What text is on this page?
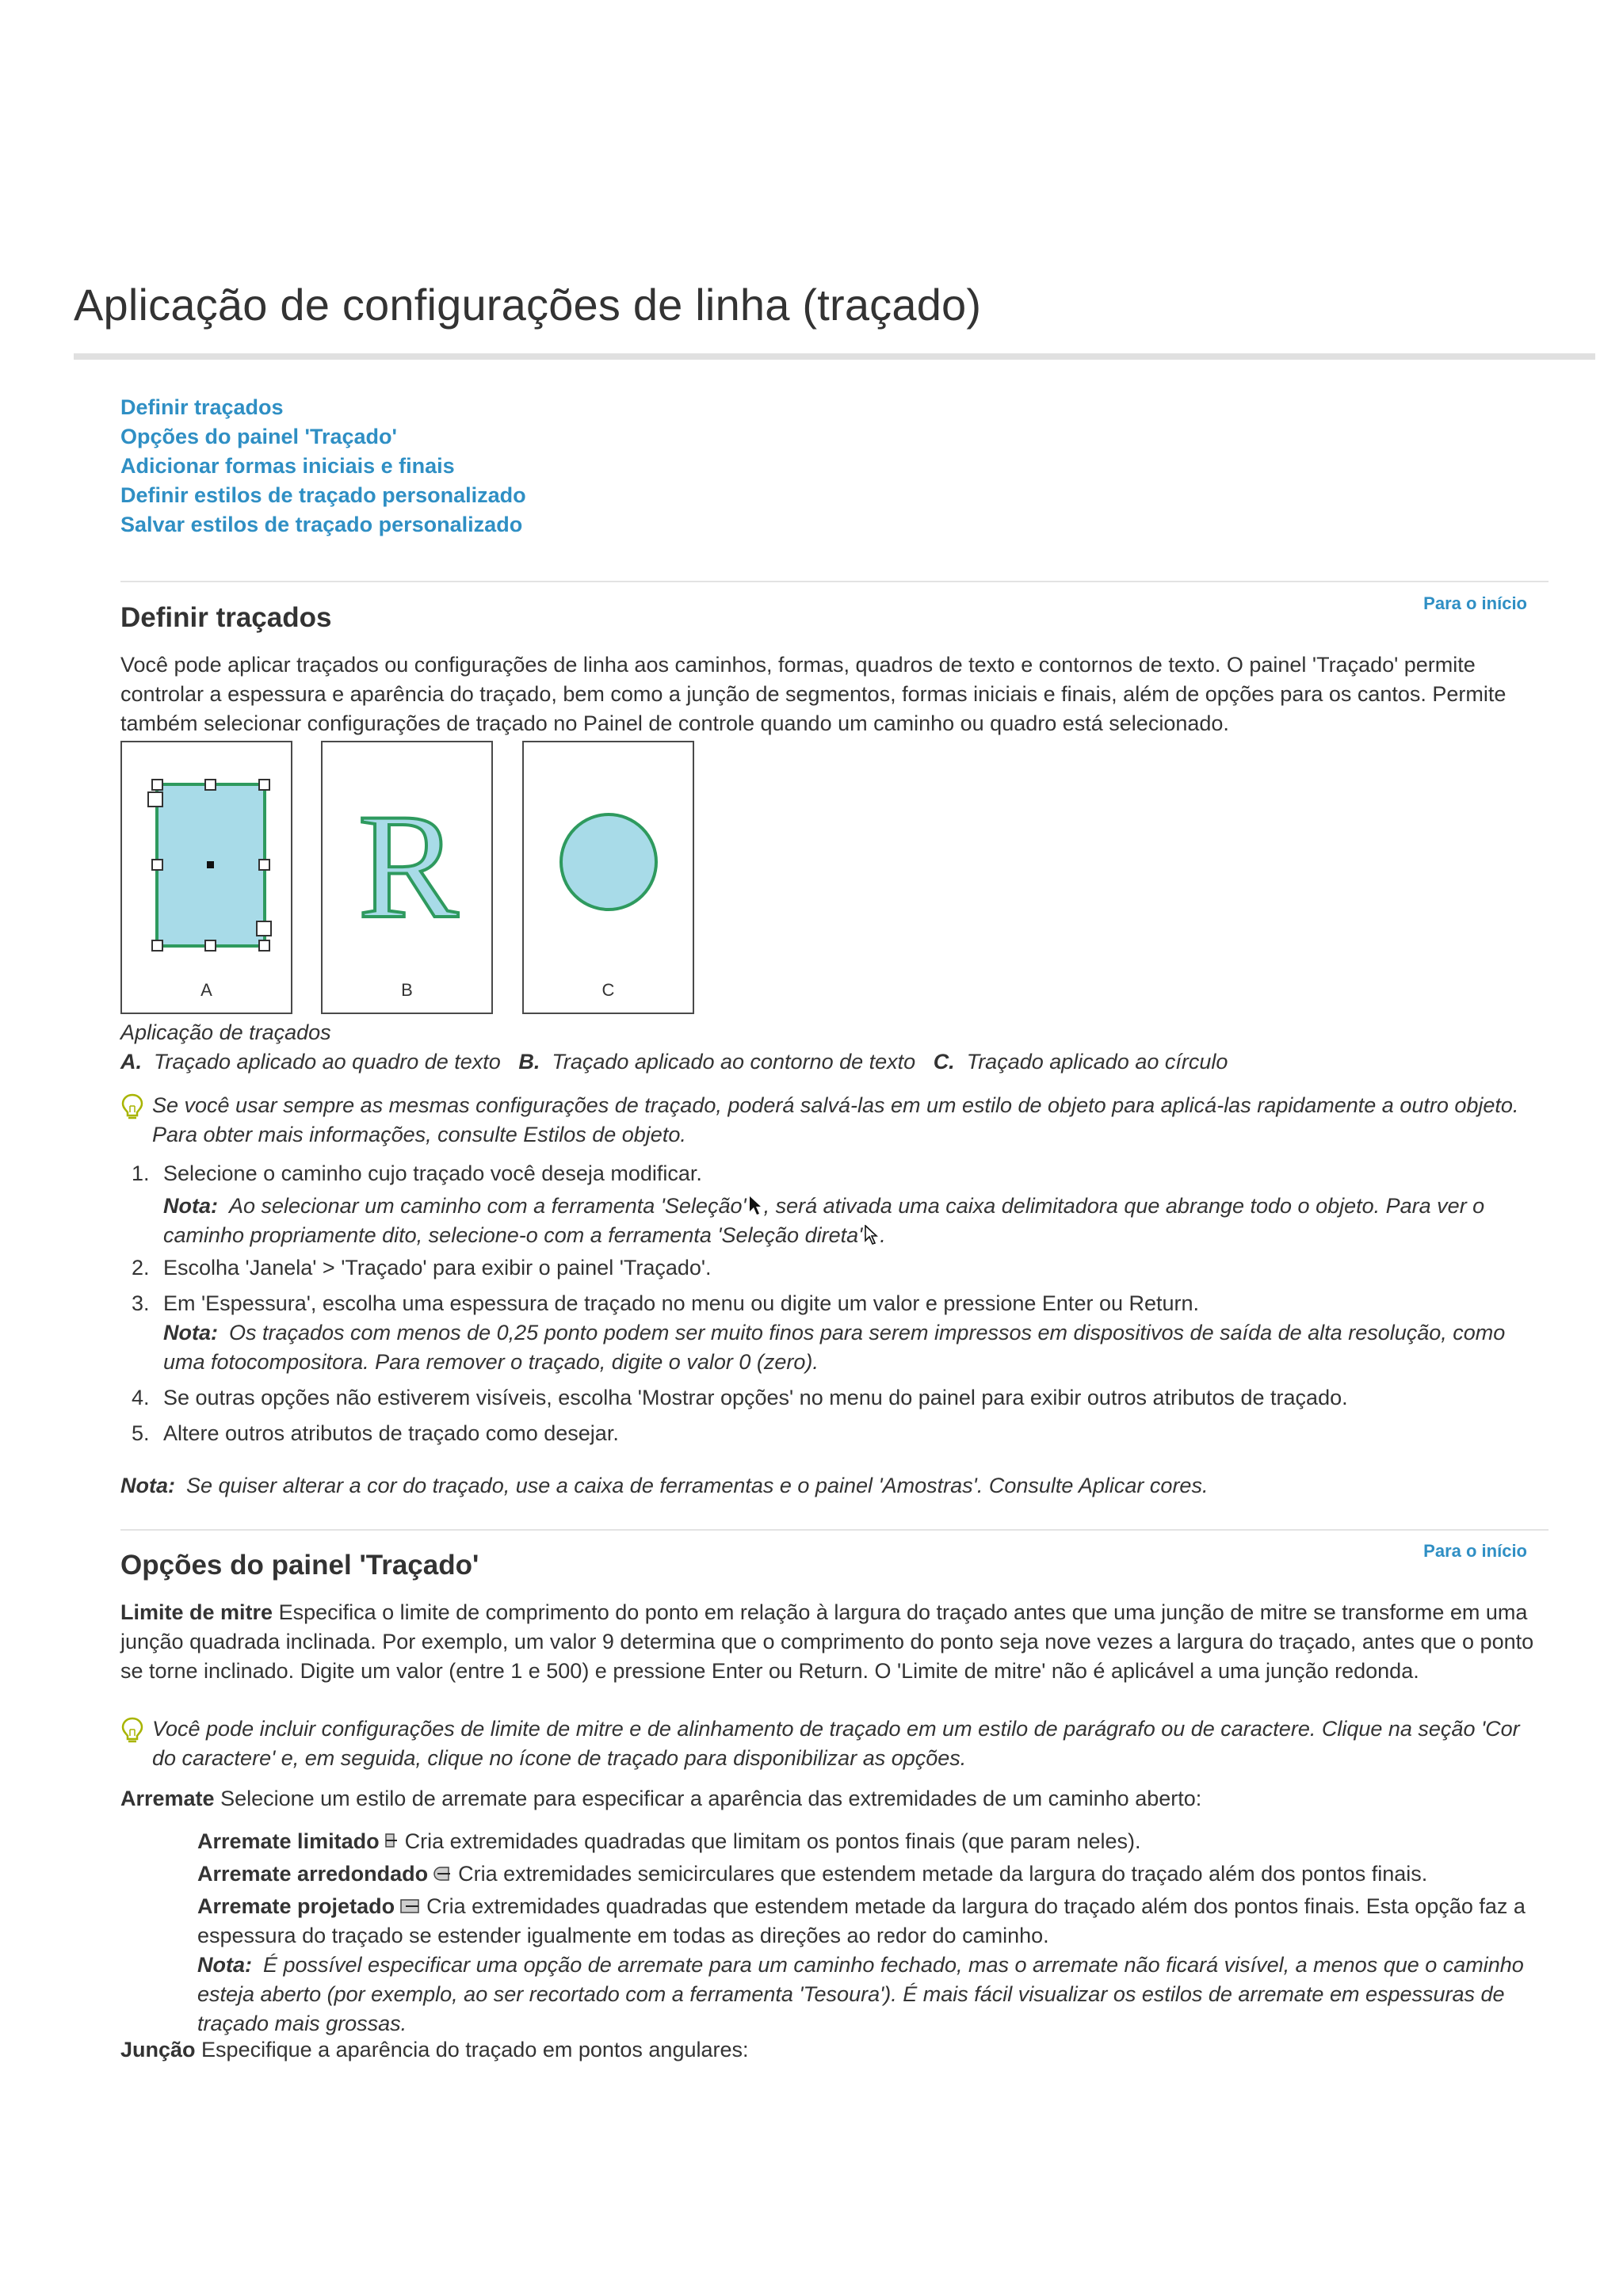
Aplicação de configurações de linha (traçado)
Definir traçados
Opções do painel 'Traçado'
Adicionar formas iniciais e finais
Definir estilos de traçado personalizado
Salvar estilos de traçado personalizado
Para o início
Definir traçados

Você pode aplicar traçados ou configurações de linha aos caminhos, formas, quadros de texto e contornos de texto. O painel 'Traçado' permite controlar a espessura e aparência do traçado, bem como a junção de segmentos, formas iniciais e finais, além de opções para os cantos. Permite também selecionar configurações de traçado no Painel de controle quando um caminho ou quadro está selecionado.

A
R
B	C

Aplicação de traçados

A. Traçado aplicado ao quadro de texto B. Traçado aplicado ao contorno de texto C. Traçado aplicado ao círculo

Se você usar sempre as mesmas configurações de traçado, poderá salvá-las em um estilo de objeto para aplicá-las rapidamente a outro objeto. Para obter mais informações, consulte Estilos de objeto.
1. Selecione o caminho cujo traçado você deseja modificar.
Nota: Ao selecionar um caminho com a ferramenta 'Seleção' , será ativada uma caixa delimitadora que abrange todo o objeto. Para ver o caminho propriamente dito, selecione-o com a ferramenta 'Seleção direta' .
2. Escolha 'Janela' > 'Traçado' para exibir o painel 'Traçado'.
3. Em 'Espessura', escolha uma espessura de traçado no menu ou digite um valor e pressione Enter ou Return.
Nota: Os traçados com menos de 0,25 ponto podem ser muito finos para serem impressos em dispositivos de saída de alta resolução, como uma fotocompositora. Para remover o traçado, digite o valor 0 (zero).
4. Se outras opções não estiverem visíveis, escolha 'Mostrar opções' no menu do painel para exibir outros atributos de traçado.
5. Altere outros atributos de traçado como desejar.

Nota: Se quiser alterar a cor do traçado, use a caixa de ferramentas e o painel 'Amostras'. Consulte Aplicar cores.

Para o início
Opções do painel 'Traçado'

Limite de mitre Especifica o limite de comprimento do ponto em relação à largura do traçado antes que uma junção de mitre se transforme em uma junção quadrada inclinada. Por exemplo, um valor 9 determina que o comprimento do ponto seja nove vezes a largura do traçado, antes que o ponto se torne inclinado. Digite um valor (entre 1 e 500) e pressione Enter ou Return. O 'Limite de mitre' não é aplicável a uma junção redonda.

Você pode incluir configurações de limite de mitre e de alinhamento de traçado em um estilo de parágrafo ou de caractere. Clique na seção 'Cor do caractere' e, em seguida, clique no ícone de traçado para disponibilizar as opções.

Arremate Selecione um estilo de arremate para especificar a aparência das extremidades de um caminho aberto:

Arremate limitado Cria extremidades quadradas que limitam os pontos finais (que param neles).
Arremate arredondado Cria extremidades semicirculares que estendem metade da largura do traçado além dos pontos finais.
Arremate projetado Cria extremidades quadradas que estendem metade da largura do traçado além dos pontos finais. Esta opção faz a espessura do traçado se estender igualmente em todas as direções ao redor do caminho.
Nota: É possível especificar uma opção de arremate para um caminho fechado, mas o arremate não ficará visível, a menos que o caminho esteja aberto (por exemplo, ao ser recortado com a ferramenta 'Tesoura'). É mais fácil visualizar os estilos de arremate em espessuras de traçado mais grossas.

Junção Especifique a aparência do traçado em pontos angulares:
